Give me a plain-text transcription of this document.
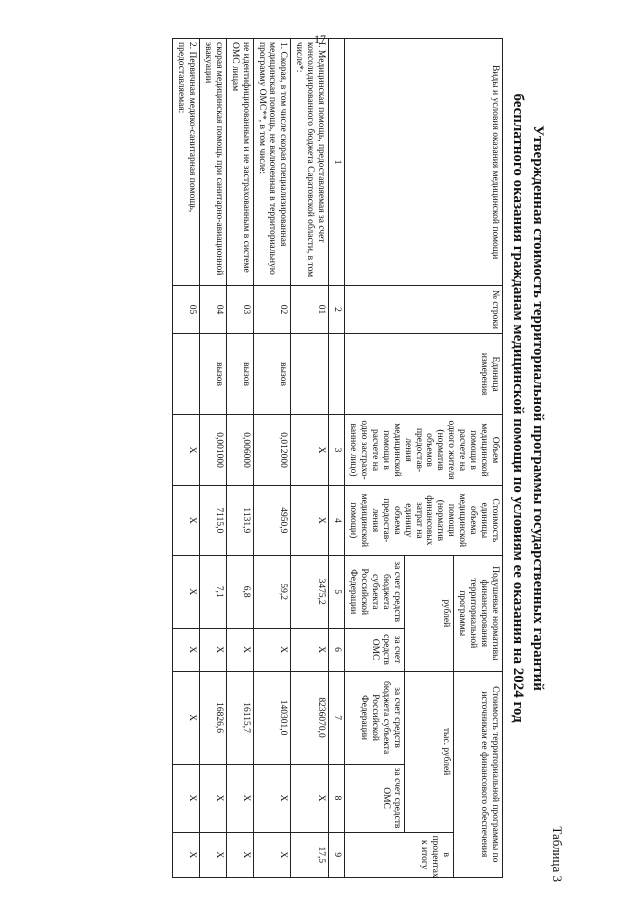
17
Таблица 3
Утвержденная стоимость территориальной программы государственных гарантий
бесплатного оказания гражданам медицинской помощи по условиям ее оказания на 2024 год
Виды и условия оказания медицинской помощи	№ строки	Единица измерения	Объем медицинской помощи в расчете на одного жителя (норматив объемов предостав-ления медицинской помощи в расчете на одно застрахо-ванное лицо)	Стоимость единицы объема медицинской помощи (норматив финансовых затрат на единицу объема предостав-ления медицинской помощи)	Подушевые нормативы финансирования территориальной программы		Стоимость территориальной программы по источникам ее финансового обеспечения		
					рублей		тыс. рублей		в процентах к итогу
					за счет средств бюджета субъекта Российской Федерации	за счет средств ОМС	за счет средств бюджета субъекта Российской Федерации	за счет средств ОМС	
1	2		3	4	5	6	7	8	9
I. Медицинская помощь, предоставляемая за счет консолидированного бюджета Саратовской области, в том числе*:	01		X	X	3475,2	X	8236070,0	X	17,5
1. Скорая, в том числе скорая специализированная медицинская помощь, не включенная в территориальную программу ОМС**, в том числе:	02	вызов	0,012000	4950,9	59,2	X	140301,0	X	X
не идентифицированным и не застрахованным в системе ОМС лицам	03	вызов	0,006000	1131,9	6,8	X	16115,7	X	X
скорая медицинская помощь при санитарно-авиационной эвакуации	04	вызов	0,001000	7115,0	7,1	X	16826,6	X	X
2. Первичная медико-санитарная помощь, предоставляемая:	05		X	X	X	X	X	X	X
